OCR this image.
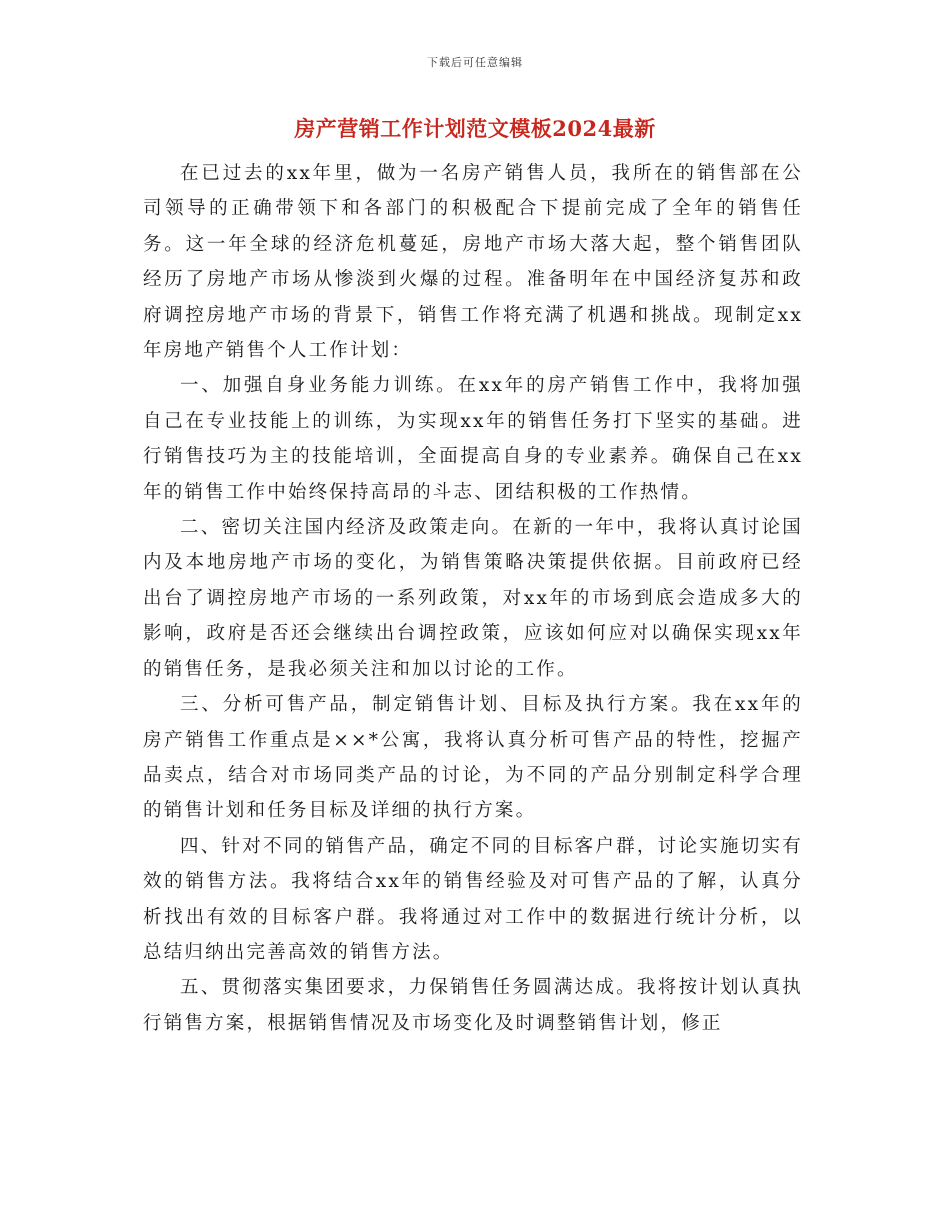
下载后可任意编辑
房产营销工作计划范文模板2024最新

在已过去的xx年里，做为一名房产销售人员，我所在的销售部在公司领导的正确带领下和各部门的积极配合下提前完成了全年的销售任务。这一年全球的经济危机蔓延，房地产市场大落大起，整个销售团队经历了房地产市场从惨淡到火爆的过程。准备明年在中国经济复苏和政府调控房地产市场的背景下，销售工作将充满了机遇和挑战。现制定xx年房地产销售个人工作计划：

一、加强自身业务能力训练。在xx年的房产销售工作中，我将加强自己在专业技能上的训练，为实现xx年的销售任务打下坚实的基础。进行销售技巧为主的技能培训，全面提高自身的专业素养。确保自己在xx年的销售工作中始终保持高昂的斗志、团结积极的工作热情。

二、密切关注国内经济及政策走向。在新的一年中，我将认真讨论国内及本地房地产市场的变化，为销售策略决策提供依据。目前政府已经出台了调控房地产市场的一系列政策，对xx年的市场到底会造成多大的影响，政府是否还会继续出台调控政策，应该如何应对以确保实现xx年的销售任务，是我必须关注和加以讨论的工作。

三、分析可售产品，制定销售计划、目标及执行方案。我在xx年的房产销售工作重点是××*公寓，我将认真分析可售产品的特性，挖掘产品卖点，结合对市场同类产品的讨论，为不同的产品分别制定科学合理的销售计划和任务目标及详细的执行方案。

四、针对不同的销售产品，确定不同的目标客户群，讨论实施切实有效的销售方法。我将结合xx年的销售经验及对可售产品的了解，认真分析找出有效的目标客户群。我将通过对工作中的数据进行统计分析，以总结归纳出完善高效的销售方法。

五、贯彻落实集团要求，力保销售任务圆满达成。我将按计划认真执行销售方案，根据销售情况及市场变化及时调整销售计划，修正
